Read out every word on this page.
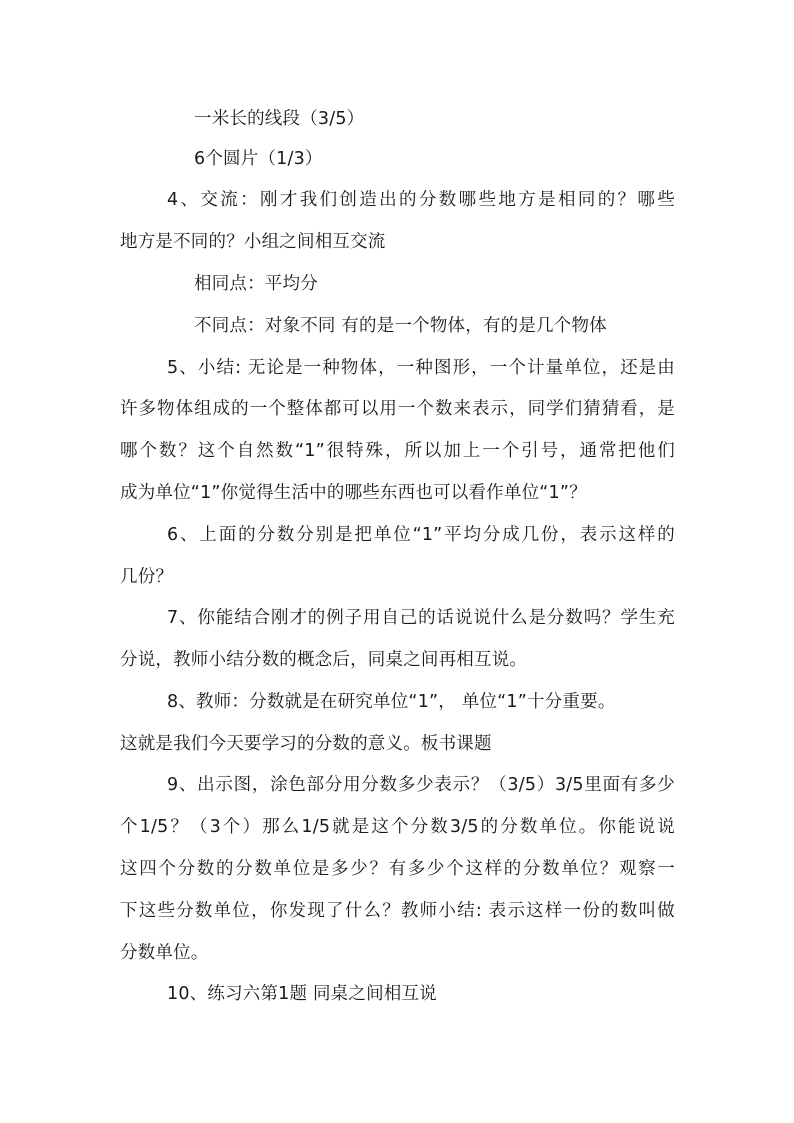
一米长的线段（3/5）
6个圆片（1/3）
4、交流：刚才我们创造出的分数哪些地方是相同的？哪些
地方是不同的？小组之间相互交流
相同点：平均分
不同点：对象不同 有的是一个物体，有的是几个物体
5、小结: 无论是一种物体，一种图形，一个计量单位，还是由
许多物体组成的一个整体都可以用一个数来表示，同学们猜猜看，是
哪个数？这个自然数“1”很特殊，所以加上一个引号，通常把他们
成为单位“1”你觉得生活中的哪些东西也可以看作单位“1”？
6、上面的分数分别是把单位“1”平均分成几份，表示这样的
几份？
7、你能结合刚才的例子用自己的话说说什么是分数吗？学生充
分说，教师小结分数的概念后，同桌之间再相互说。
8、教师：分数就是在研究单位“1”， 单位“1”十分重要。
这就是我们今天要学习的分数的意义。板书课题
9、出示图，涂色部分用分数多少表示？（3/5）3/5里面有多少
个1/5？（3个）那么1/5就是这个分数3/5的分数单位。你能说说
这四个分数的分数单位是多少？有多少个这样的分数单位？观察一
下这些分数单位，你发现了什么？教师小结: 表示这样一份的数叫做
分数单位。
10、练习六第1题 同桌之间相互说
